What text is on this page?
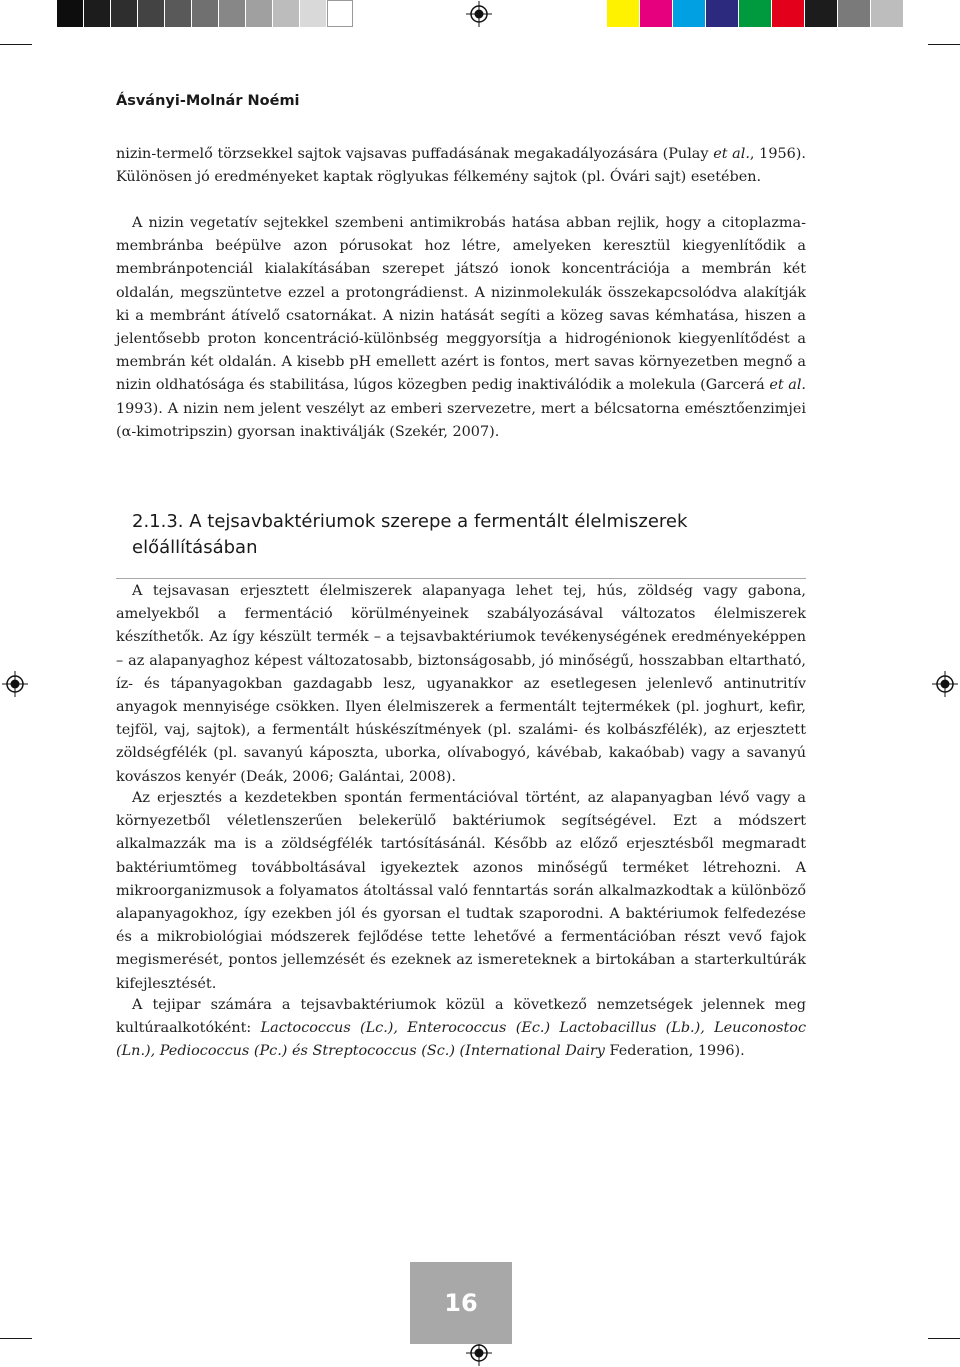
Ásványi-Molnár Noémi

nizin-termelő törzsekkel sajtok vajsavas puffadásának megakadályozására (Pulay et al., 1956). Különösen jó eredményeket kaptak röglyukas félkemény sajtok (pl. Óvári sajt) esetében.

A nizin vegetatív sejtekkel szembeni antimikrobás hatása abban rejlik, hogy a citoplazma-membránba beépülve azon pórusokat hoz létre, amelyeken keresztül kiegyenlítődik a membránpotenciál kialakításában szerepet játszó ionok koncentrációja a membrán két oldalán, megszüntetve ezzel a protongrádienst. A nizinmolekulák összekapcsolódva alakítják ki a membránt átívelő csatornákat. A nizin hatását segíti a közeg savas kémhatása, hiszen a jelentősebb proton koncentráció-különbség meggyorsítja a hidrogénionok kiegyenlítődést a membrán két oldalán. A kisebb pH emellett azért is fontos, mert savas környezetben megnő a nizin oldhatósága és stabilitása, lúgos közegben pedig inaktiválódik a molekula (Garcerá et al. 1993). A nizin nem jelent veszélyt az emberi szervezetre, mert a bélcsatorna emésztőenzimjei (α-kimotripszin) gyorsan inaktiválják (Szekér, 2007).

2.1.3. A tejsavbaktériumok szerepe a fermentált élelmiszerek előállításában

A tejsavasan erjesztett élelmiszerek alapanyaga lehet tej, hús, zöldség vagy gabona, amelyekből a fermentáció körülményeinek szabályozásával változatos élelmiszerek készíthetők. Az így készült termék – a tejsavbaktériumok tevékenységének eredményeképpen – az alapanyaghoz képest változatosabb, biztonságosabb, jó minőségű, hosszabban eltartható, íz- és tápanyagokban gazdagabb lesz, ugyanakkor az esetlegesen jelenlevő antinutritív anyagok mennyisége csökken. Ilyen élelmiszerek a fermentált tejtermékek (pl. joghurt, kefir, tejföl, vaj, sajtok), a fermentált húskészítmények (pl. szalámi- és kolbászfélék), az erjesztett zöldségfélék (pl. savanyú káposzta, uborka, olívabogyó, kávébab, kakaóbab) vagy a savanyú kovászos kenyér (Deák, 2006; Galántai, 2008).

Az erjesztés a kezdetekben spontán fermentációval történt, az alapanyagban lévő vagy a környezetből véletlenszerűen belekerülő baktériumok segítségével. Ezt a módszert alkalmazzák ma is a zöldségfélék tartósításánál. Később az előző erjesztésből megmaradt baktériumtömeg továbboltásával igyekeztek azonos minőségű terméket létrehozni. A mikroorganizmusok a folyamatos átoltással való fenntartás során alkalmazkodtak a különböző alapanyagokhoz, így ezekben jól és gyorsan el tudtak szaporodni. A baktériumok felfedezése és a mikrobiológiai módszerek fejlődése tette lehetővé a fermentációban részt vevő fajok megismerését, pontos jellemzését és ezeknek az ismereteknek a birtokában a starterkultúrák kifejlesztését.

A tejipar számára a tejsavbaktériumok közül a következő nemzetségek jelennek meg kultúraalkotóként: Lactococcus (Lc.), Enterococcus (Ec.) Lactobacillus (Lb.), Leuconostoc (Ln.), Pediococcus (Pc.) és Streptococcus (Sc.) (International Dairy Federation, 1996).

16
